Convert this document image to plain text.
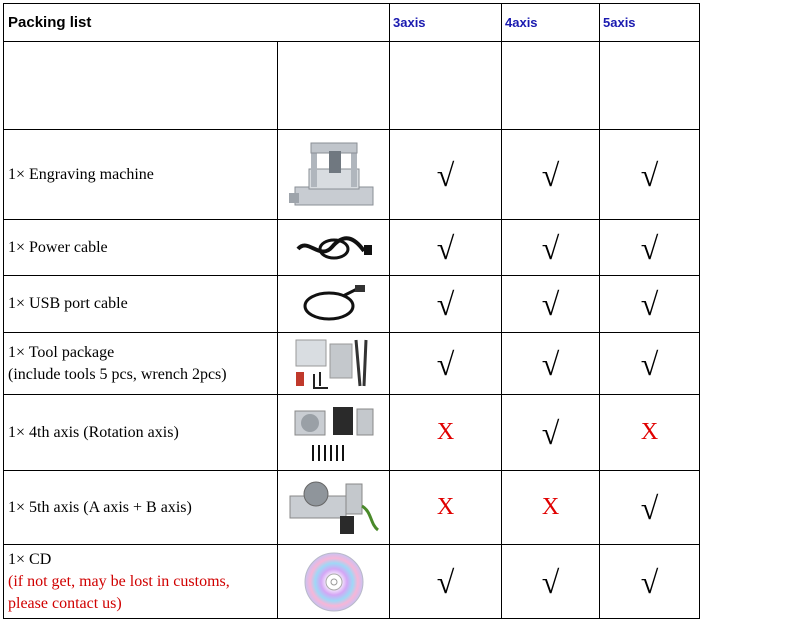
Packing list		3axis	4axis	5axis

1× Engraving machine		√	√	√
1× Power cable		√	√	√
1× USB port cable		√	√	√

1× Tool package
(include tools 5 pcs, wrench 2pcs)		√	√	√
1× 4th axis (Rotation axis)		X	√	X
1× 5th axis (A axis + B axis)		X	X	√

1× CD
(if not get, may be lost in customs,
please contact us)		√	√	√
